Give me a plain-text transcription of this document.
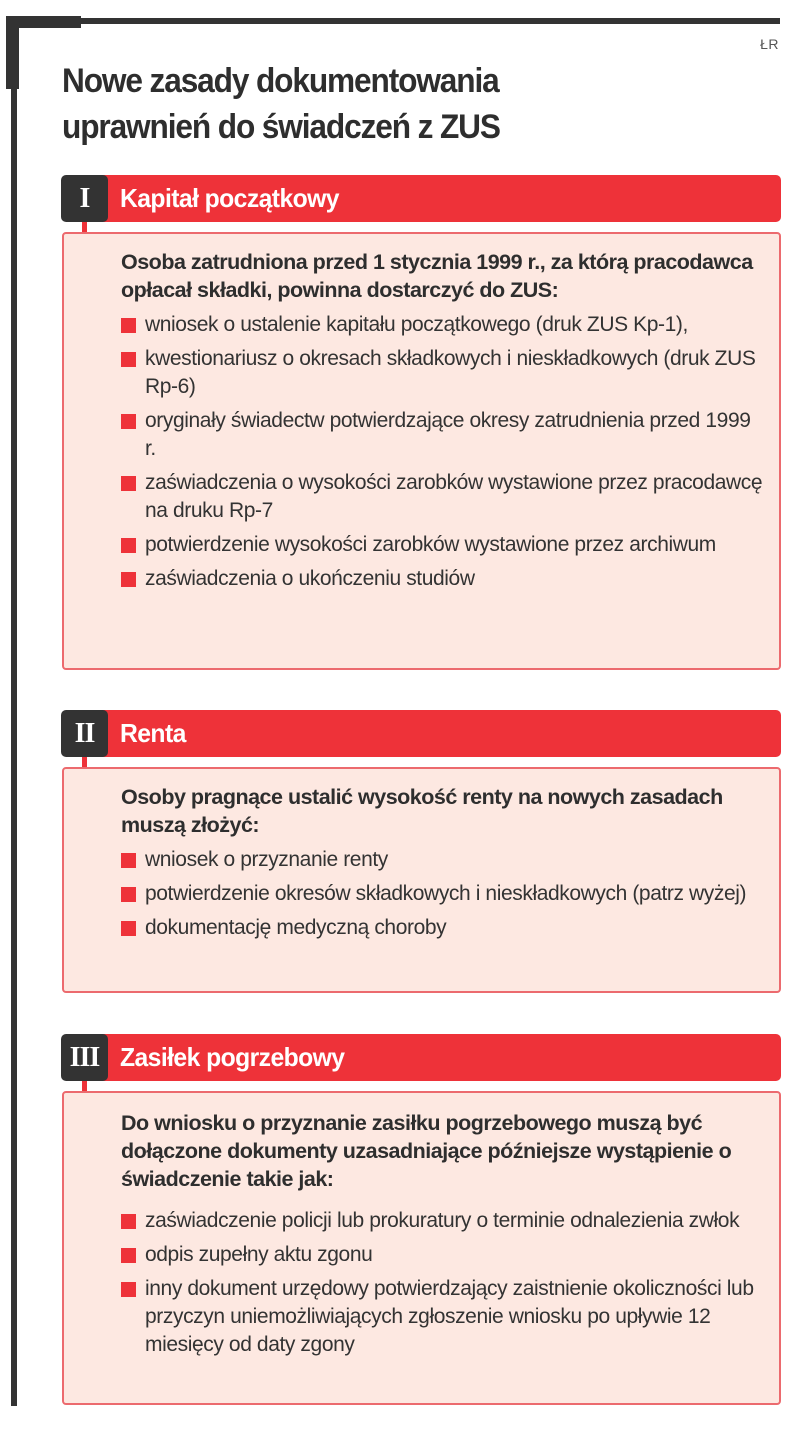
ŁR
Nowe zasady dokumentowania
uprawnień do świadczeń z ZUS
I	Kapitał początkowy

Osoba zatrudniona przed 1 stycznia 1999 r., za którą pracodawca opłacał składki, powinna dostarczyć do ZUS:

wniosek o ustalenie kapitału początkowego (druk ZUS Kp-1),
kwestionariusz o okresach składkowych i nieskładkowych (druk ZUS Rp-6)
oryginały świadectw potwierdzające okresy zatrudnienia przed 1999 r.
zaświadczenia o wysokości zarobków wystawione przez pracodawcę na druku Rp-7
potwierdzenie wysokości zarobków wystawione przez archiwum
zaświadczenia o ukończeniu studiów
II Renta

Osoby pragnące ustalić wysokość renty na nowych zasadach muszą złożyć:

wniosek o przyznanie renty
potwierdzenie okresów składkowych i nieskładkowych (patrz wyżej)
dokumentację medyczną choroby
III Zasiłek pogrzebowy

Do wniosku o przyznanie zasiłku pogrzebowego muszą być dołączone dokumenty uzasadniające późniejsze wystąpienie o świadczenie takie jak:

zaświadczenie policji lub prokuratury o terminie odnalezienia zwłok
odpis zupełny aktu zgonu
inny dokument urzędowy potwierdzający zaistnienie okoliczności lub przyczyn uniemożliwiających zgłoszenie wniosku po upływie 12 miesięcy od daty zgony
